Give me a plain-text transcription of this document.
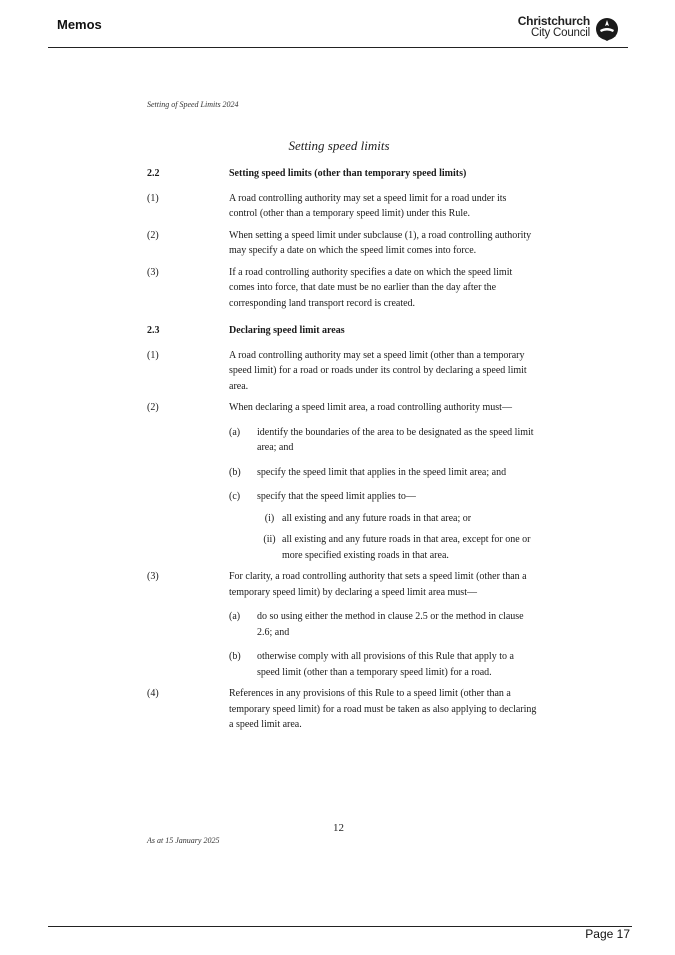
Memos	Christchurch
City Council
Setting of Speed Limits 2024
Setting speed limits
2.2	Setting speed limits (other than temporary speed limits)
(1)	A road controlling authority may set a speed limit for a road under its control (other than a temporary speed limit) under this Rule.
(2)	When setting a speed limit under subclause (1), a road controlling authority may specify a date on which the speed limit comes into force.
(3)	If a road controlling authority specifies a date on which the speed limit comes into force, that date must be no earlier than the day after the corresponding land transport record is created.
2.3	Declaring speed limit areas
(1)	A road controlling authority may set a speed limit (other than a temporary speed limit) for a road or roads under its control by declaring a speed limit area.
(2)	When declaring a speed limit area, a road controlling authority must—
(a)	identify the boundaries of the area to be designated as the speed limit area; and
(b)	specify the speed limit that applies in the speed limit area; and
(c)	specify that the speed limit applies to—
(i) all existing and any future roads in that area; or
(ii) all existing and any future roads in that area, except for one or more specified existing roads in that area.
(3)	For clarity, a road controlling authority that sets a speed limit (other than a temporary speed limit) by declaring a speed limit area must—
(a)	do so using either the method in clause 2.5 or the method in clause 2.6; and
(b)	otherwise comply with all provisions of this Rule that apply to a speed limit (other than a temporary speed limit) for a road.
(4)	References in any provisions of this Rule to a speed limit (other than a temporary speed limit) for a road must be taken as also applying to declaring a speed limit area.
12
As at 15 January 2025
Page 17
